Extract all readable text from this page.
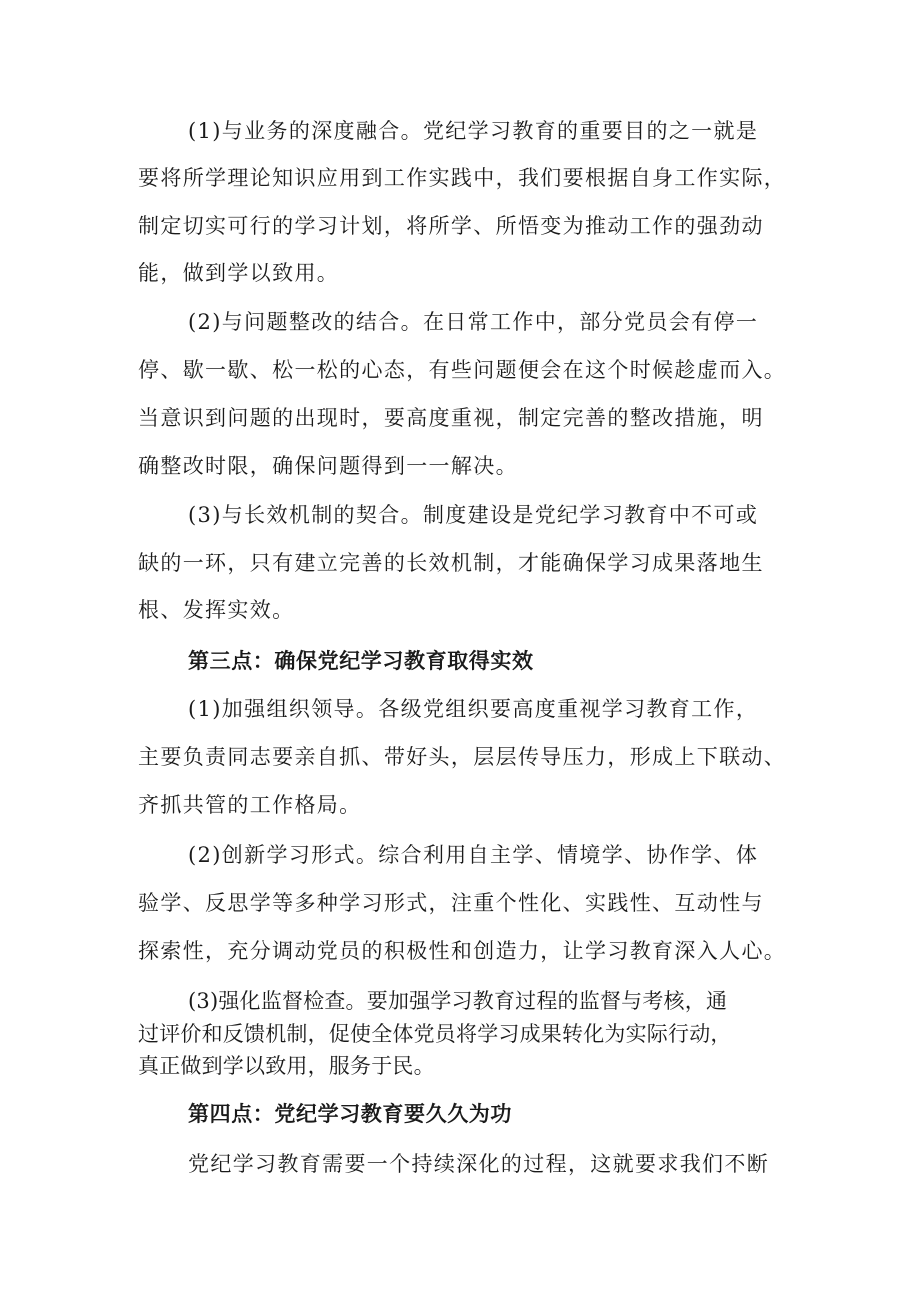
(1)与业务的深度融合。党纪学习教育的重要目的之一就是
要将所学理论知识应用到工作实践中，我们要根据自身工作实际，
制定切实可行的学习计划，将所学、所悟变为推动工作的强劲动
能，做到学以致用。
(2)与问题整改的结合。在日常工作中，部分党员会有停一
停、歇一歇、松一松的心态，有些问题便会在这个时候趁虚而入。
当意识到问题的出现时，要高度重视，制定完善的整改措施，明
确整改时限，确保问题得到一一解决。
(3)与长效机制的契合。制度建设是党纪学习教育中不可或
缺的一环，只有建立完善的长效机制，才能确保学习成果落地生
根、发挥实效。
第三点：确保党纪学习教育取得实效
(1)加强组织领导。各级党组织要高度重视学习教育工作，
主要负责同志要亲自抓、带好头，层层传导压力，形成上下联动、
齐抓共管的工作格局。
(2)创新学习形式。综合利用自主学、情境学、协作学、体
验学、反思学等多种学习形式，注重个性化、实践性、互动性与
探索性，充分调动党员的积极性和创造力，让学习教育深入人心。
(3)强化监督检查。要加强学习教育过程的监督与考核，通
过评价和反馈机制，促使全体党员将学习成果转化为实际行动，
真正做到学以致用，服务于民。
第四点：党纪学习教育要久久为功
党纪学习教育需要一个持续深化的过程，这就要求我们不断
